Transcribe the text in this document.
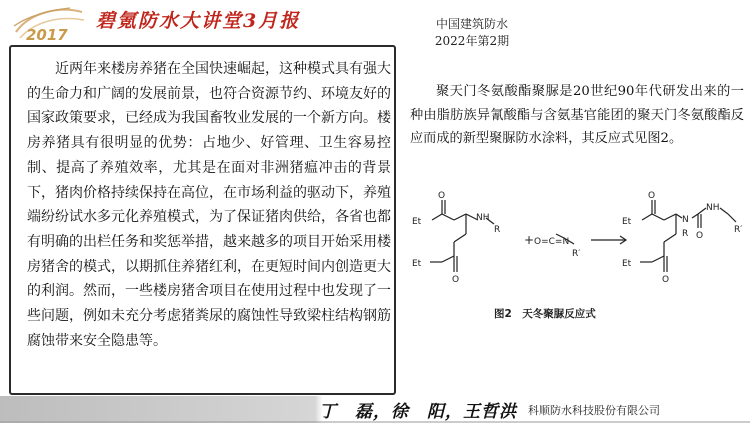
2017
碧氪防水大讲堂3月报	中国建筑防水
2022年第2期

近两年来楼房养猪在全国快速崛起，这种模式具有强大的生命力和广阔的发展前景，也符合资源节约、环境友好的国家政策要求，已经成为我国畜牧业发展的一个新方向。楼房养猪具有很明显的优势：占地少、好管理、卫生容易控制、提高了养殖效率，尤其是在面对非洲猪瘟冲击的背景下，猪肉价格持续保持在高位，在市场利益的驱动下，养殖端纷纷试水多元化养殖模式，为了保证猪肉供给，各省也都有明确的出栏任务和奖惩举措，越来越多的项目开始采用楼房猪舍的模式，以期抓住养猪红利，在更短时间内创造更大的利润。然而，一些楼房猪舍项目在使用过程中也发现了一些问题，例如未充分考虑猪粪尿的腐蚀性导致梁柱结构钢筋腐蚀带来安全隐患等。

聚天门冬氨酸酯聚脲是20世纪90年代研发出来的一种由脂肪族异氰酸酯与含氨基官能团的聚天门冬氨酸酯反应而成的新型聚脲防水涂料，其反应式见图2。

Et
O
NH
R
Et
O
+ O=C=N
R′
Et
O
N
R O
NH
R′
Et
O
图2　天冬聚脲反应式
丁　磊，徐　阳，王哲洪 科顺防水科技股份有限公司
